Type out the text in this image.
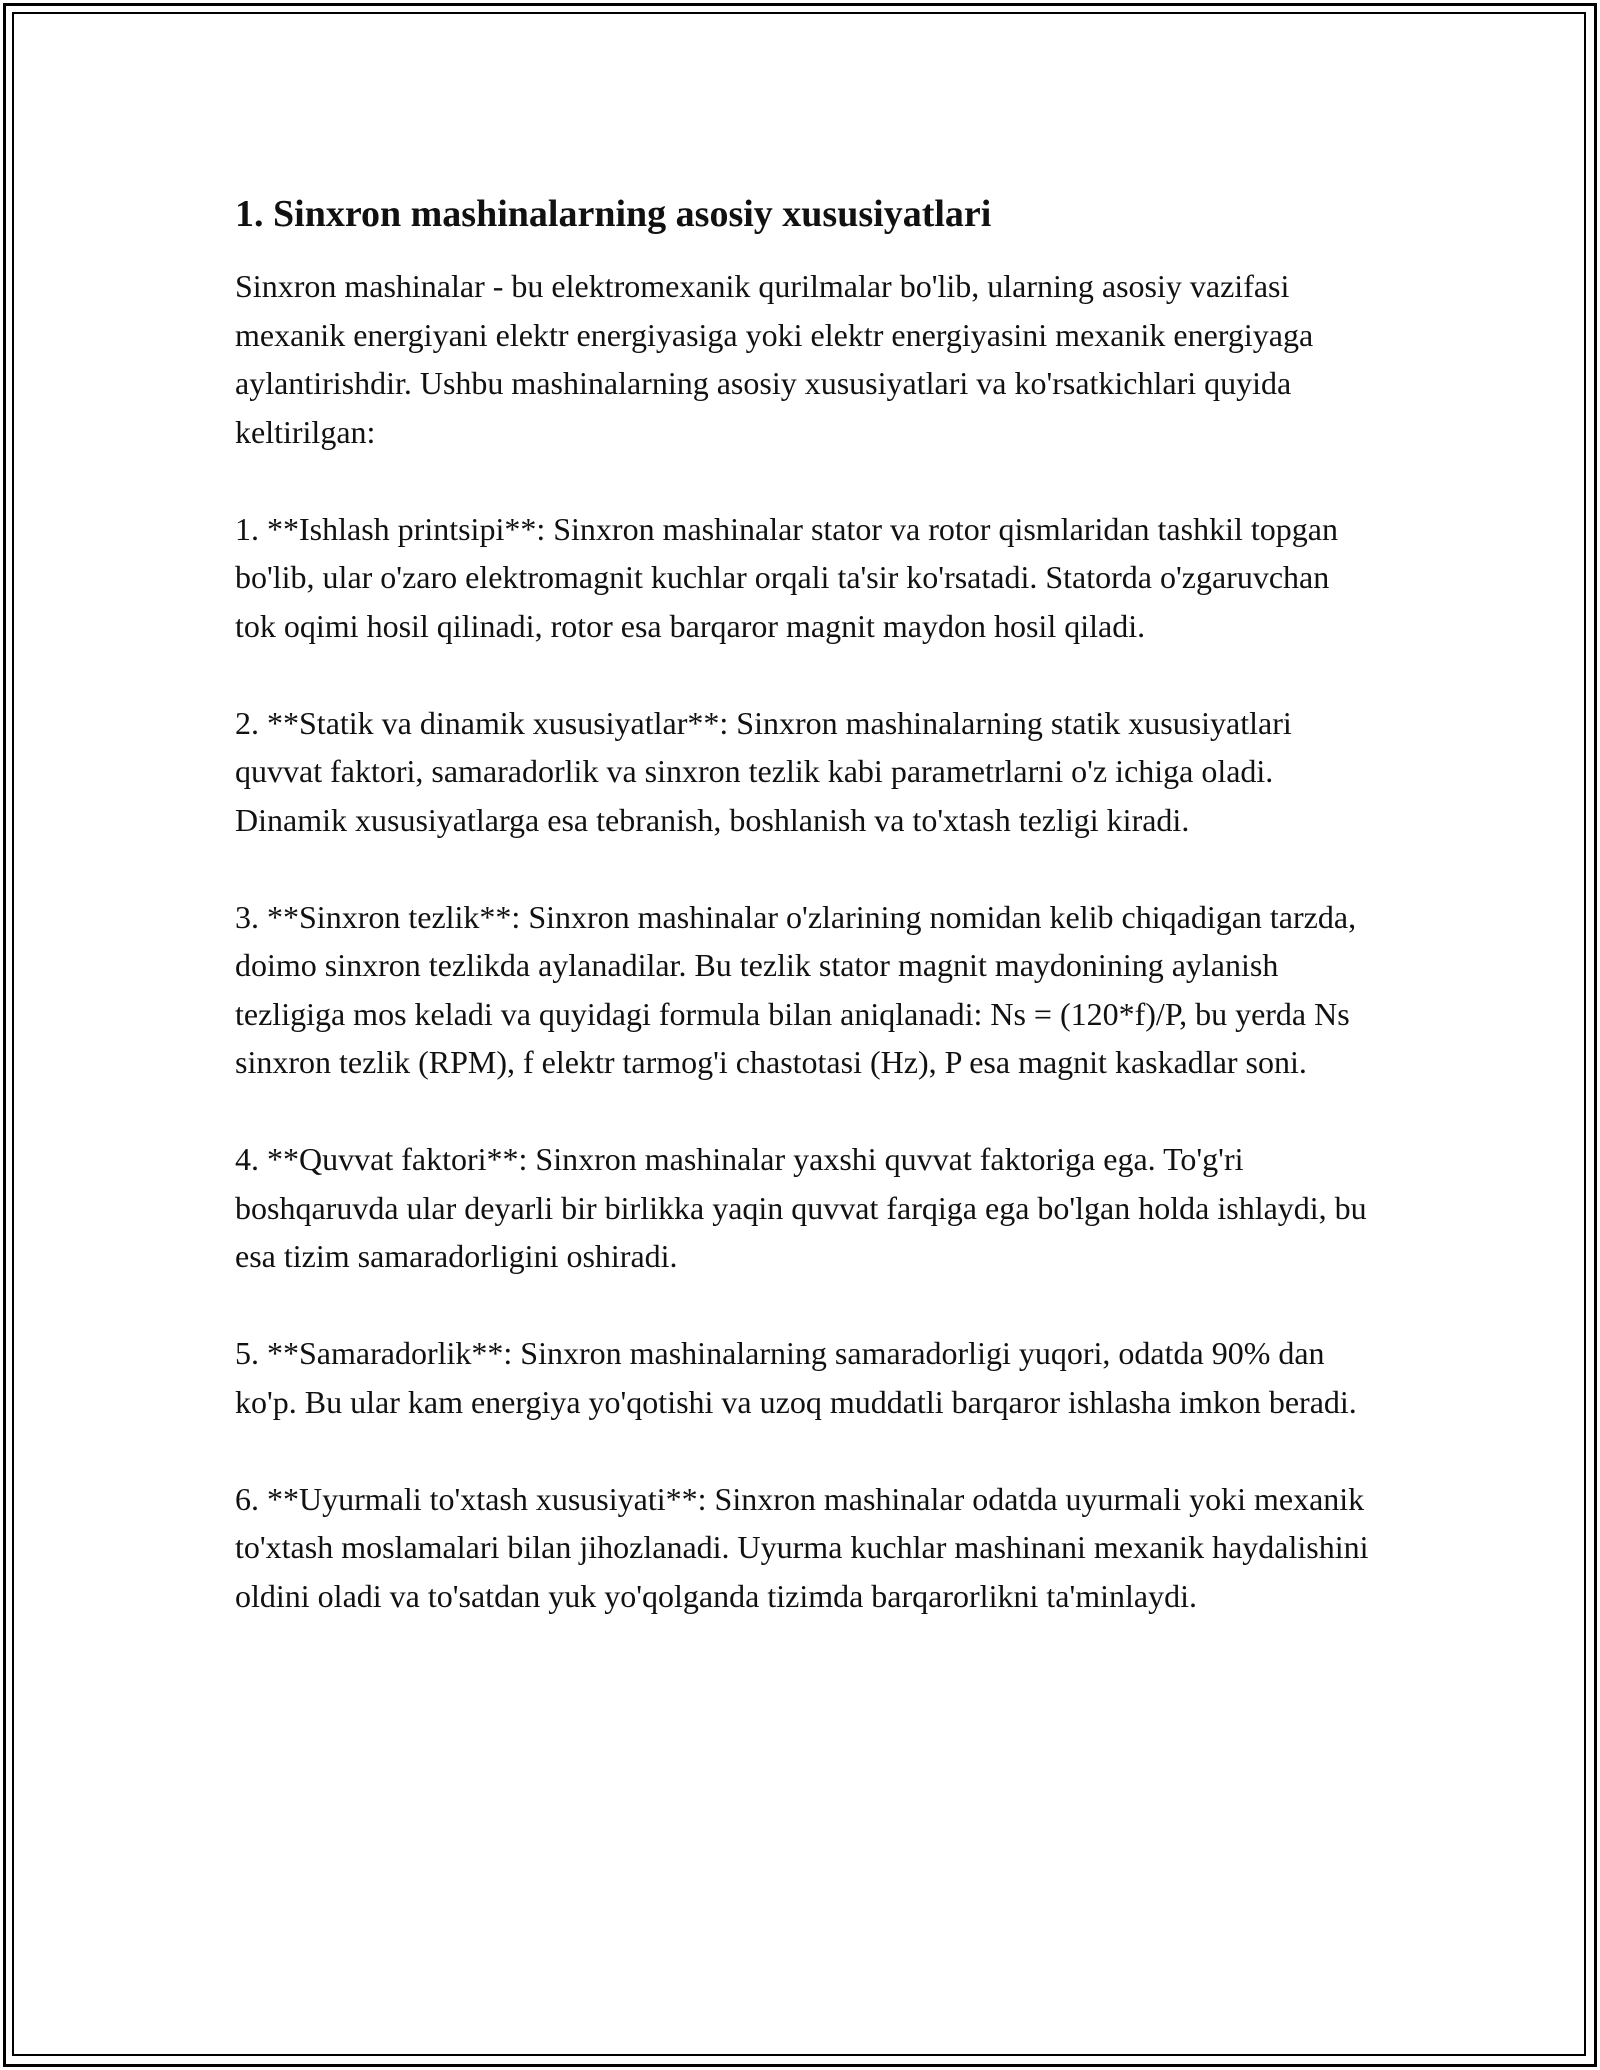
1. Sinxron mashinalarning asosiy xususiyatlari

Sinxron mashinalar - bu elektromexanik qurilmalar bo'lib, ularning asosiy vazifasi mexanik energiyani elektr energiyasiga yoki elektr energiyasini mexanik energiyaga aylantirishdir. Ushbu mashinalarning asosiy xususiyatlari va ko'rsatkichlari quyida keltirilgan:

1. **Ishlash printsipi**: Sinxron mashinalar stator va rotor qismlaridan tashkil topgan bo'lib, ular o'zaro elektromagnit kuchlar orqali ta'sir ko'rsatadi. Statorda o'zgaruvchan tok oqimi hosil qilinadi, rotor esa barqaror magnit maydon hosil qiladi.

2. **Statik va dinamik xususiyatlar**: Sinxron mashinalarning statik xususiyatlari quvvat faktori, samaradorlik va sinxron tezlik kabi parametrlarni o'z ichiga oladi. Dinamik xususiyatlarga esa tebranish, boshlanish va to'xtash tezligi kiradi.

3. **Sinxron tezlik**: Sinxron mashinalar o'zlarining nomidan kelib chiqadigan tarzda, doimo sinxron tezlikda aylanadilar. Bu tezlik stator magnit maydonining aylanish tezligiga mos keladi va quyidagi formula bilan aniqlanadi: Ns = (120*f)/P, bu yerda Ns sinxron tezlik (RPM), f elektr tarmog'i chastotasi (Hz), P esa magnit kaskadlar soni.

4. **Quvvat faktori**: Sinxron mashinalar yaxshi quvvat faktoriga ega. To'g'ri boshqaruvda ular deyarli bir birlikka yaqin quvvat farqiga ega bo'lgan holda ishlaydi, bu esa tizim samaradorligini oshiradi.

5. **Samaradorlik**: Sinxron mashinalarning samaradorligi yuqori, odatda 90% dan ko'p. Bu ular kam energiya yo'qotishi va uzoq muddatli barqaror ishlasha imkon beradi.

6. **Uyurmali to'xtash xususiyati**: Sinxron mashinalar odatda uyurmali yoki mexanik to'xtash moslamalari bilan jihozlanadi. Uyurma kuchlar mashinani mexanik haydalishini oldini oladi va to'satdan yuk yo'qolganda tizimda barqarorlikni ta'minlaydi.
